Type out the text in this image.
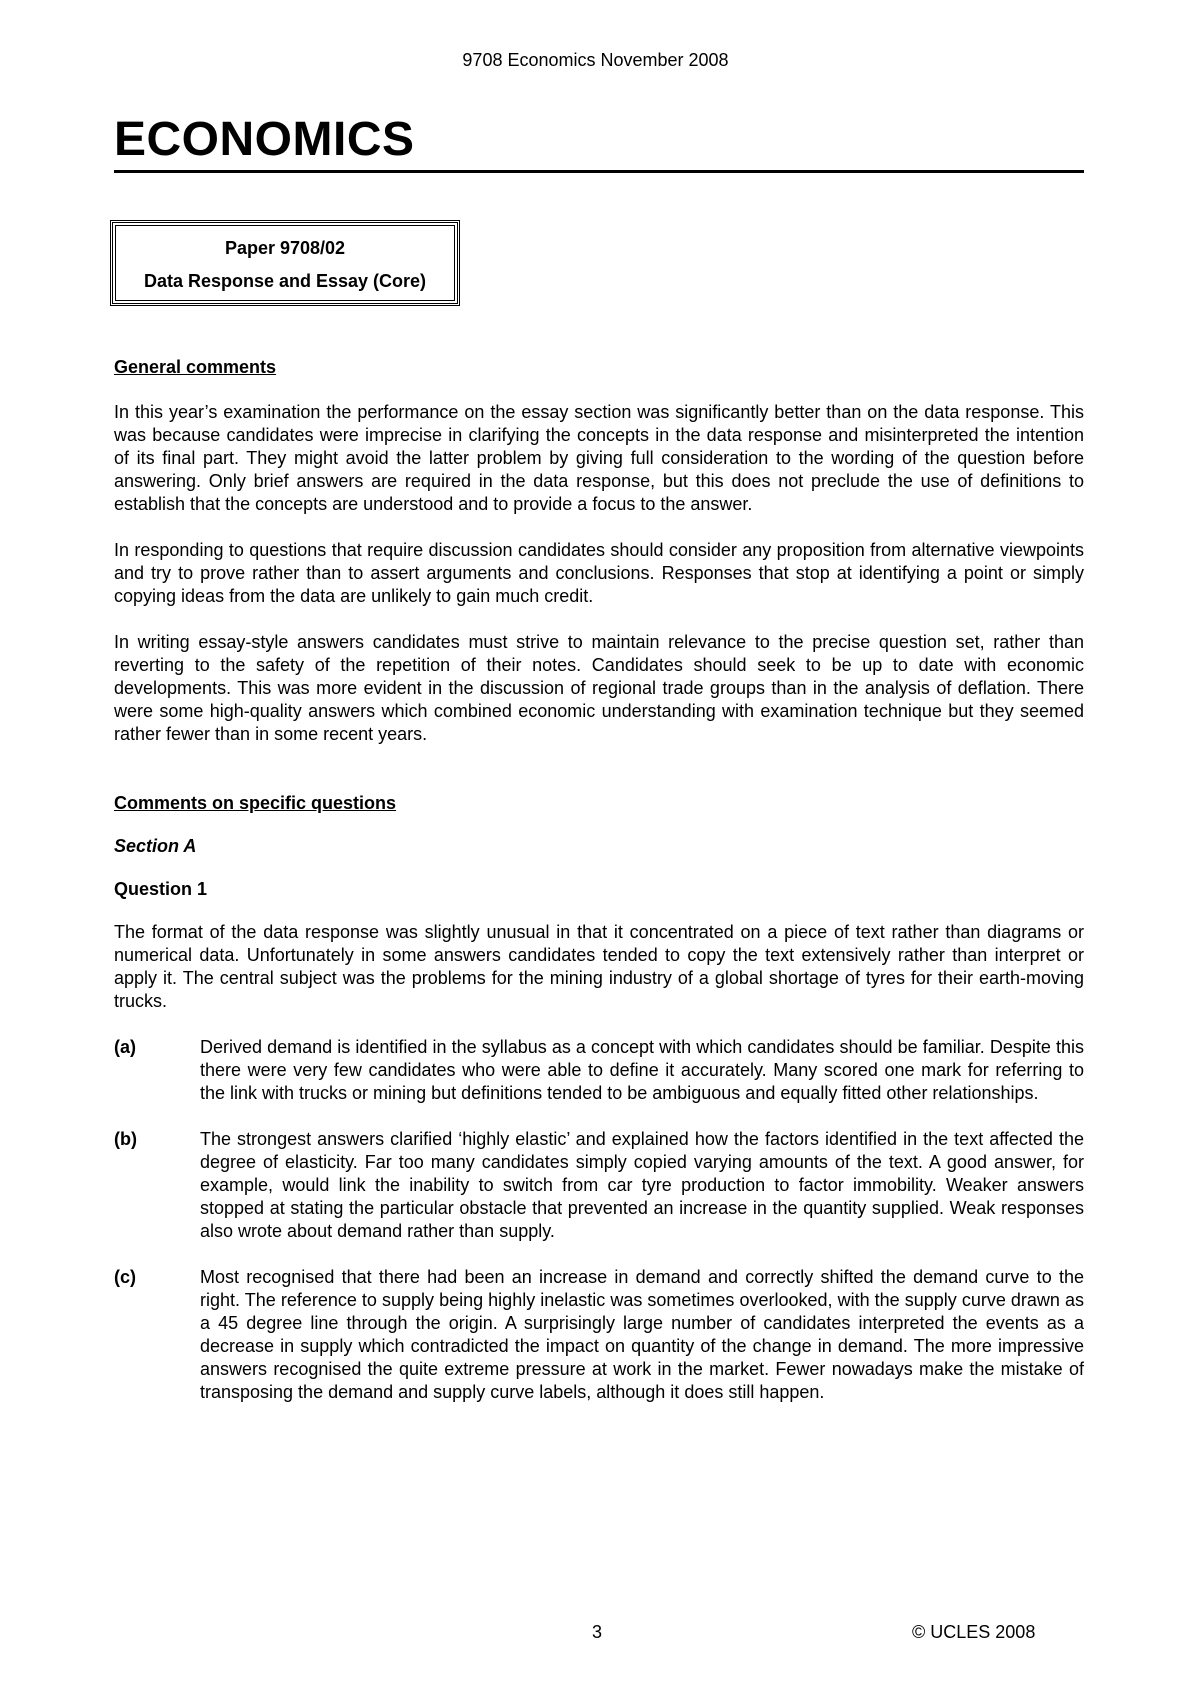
9708 Economics November 2008
ECONOMICS
Paper 9708/02
Data Response and Essay (Core)
General comments
In this year’s examination the performance on the essay section was significantly better than on the data response. This was because candidates were imprecise in clarifying the concepts in the data response and misinterpreted the intention of its final part. They might avoid the latter problem by giving full consideration to the wording of the question before answering. Only brief answers are required in the data response, but this does not preclude the use of definitions to establish that the concepts are understood and to provide a focus to the answer.
In responding to questions that require discussion candidates should consider any proposition from alternative viewpoints and try to prove rather than to assert arguments and conclusions. Responses that stop at identifying a point or simply copying ideas from the data are unlikely to gain much credit.
In writing essay-style answers candidates must strive to maintain relevance to the precise question set, rather than reverting to the safety of the repetition of their notes. Candidates should seek to be up to date with economic developments. This was more evident in the discussion of regional trade groups than in the analysis of deflation. There were some high-quality answers which combined economic understanding with examination technique but they seemed rather fewer than in some recent years.
Comments on specific questions
Section A
Question 1
The format of the data response was slightly unusual in that it concentrated on a piece of text rather than diagrams or numerical data. Unfortunately in some answers candidates tended to copy the text extensively rather than interpret or apply it. The central subject was the problems for the mining industry of a global shortage of tyres for their earth-moving trucks.
(a)	Derived demand is identified in the syllabus as a concept with which candidates should be familiar. Despite this there were very few candidates who were able to define it accurately. Many scored one mark for referring to the link with trucks or mining but definitions tended to be ambiguous and equally fitted other relationships.
(b)	The strongest answers clarified ‘highly elastic’ and explained how the factors identified in the text affected the degree of elasticity. Far too many candidates simply copied varying amounts of the text. A good answer, for example, would link the inability to switch from car tyre production to factor immobility. Weaker answers stopped at stating the particular obstacle that prevented an increase in the quantity supplied. Weak responses also wrote about demand rather than supply.
(c)	Most recognised that there had been an increase in demand and correctly shifted the demand curve to the right. The reference to supply being highly inelastic was sometimes overlooked, with the supply curve drawn as a 45 degree line through the origin. A surprisingly large number of candidates interpreted the events as a decrease in supply which contradicted the impact on quantity of the change in demand. The more impressive answers recognised the quite extreme pressure at work in the market. Fewer nowadays make the mistake of transposing the demand and supply curve labels, although it does still happen.
3	© UCLES 2008
